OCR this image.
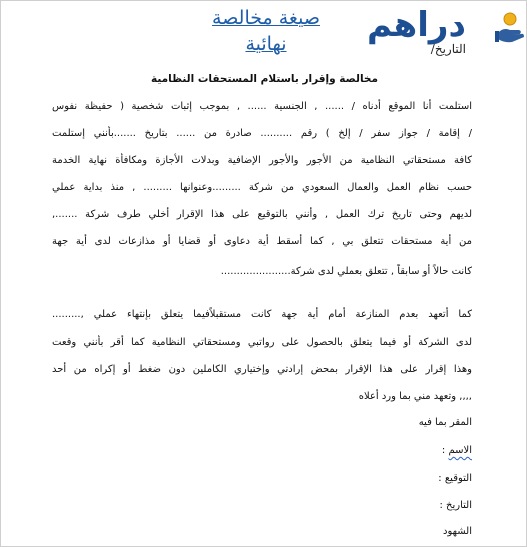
دراهم
صيغة مخالصة نهائية	التاريخ/
مخالصة وإقرار باستلام المستحقات النظامية
استلمت أنا الموقع أدناه / ...... , الجنسية ...... , بموجب إثبات شخصية ( حفيظة نفوس
/ إقامة / جواز سفر / إلخ ) رقم .......... صادرة من ...... بتاريخ .......بأنني إستلمت
كافة مستحقاتي النظامية من الأجور والأجور الإضافية وبدلات الأجازة ومكافأة نهاية الخدمة
حسب نظام العمل والعمال السعودي من شركة .........وعنوانها ......... , منذ بداية عملي
لديهم وحتى تاريخ ترك العمل , وأنني بالتوقيع على هذا الإقرار أخلي طرف شركة .......,
من أية مستحقات تتعلق بي , كما أسقط أية دعاوى أو قضايا أو مذازعات لدى أية جهة
كانت حالاً أو سابقاً , تتعلق بعملي لدى شركة......................
كما أتعهد بعدم المنازعة أمام أية جهة كانت مستقبلاًفيما يتعلق بإنتهاء عملي ,.........
لدى الشركة أو فيما يتعلق بالحصول على رواتبي ومستحقاتي النظامية كما أقر بأنني وقعت
وهذا إقرار على هذا الإقرار بمحض إرادتي وإختياري الكاملين دون ضغط أو إكراه من أحد
,,,, وتعهد مني بما ورد أعلاه
المقر بما فيه
الاسم :
التوقيع :
التاريخ :
الشهود
